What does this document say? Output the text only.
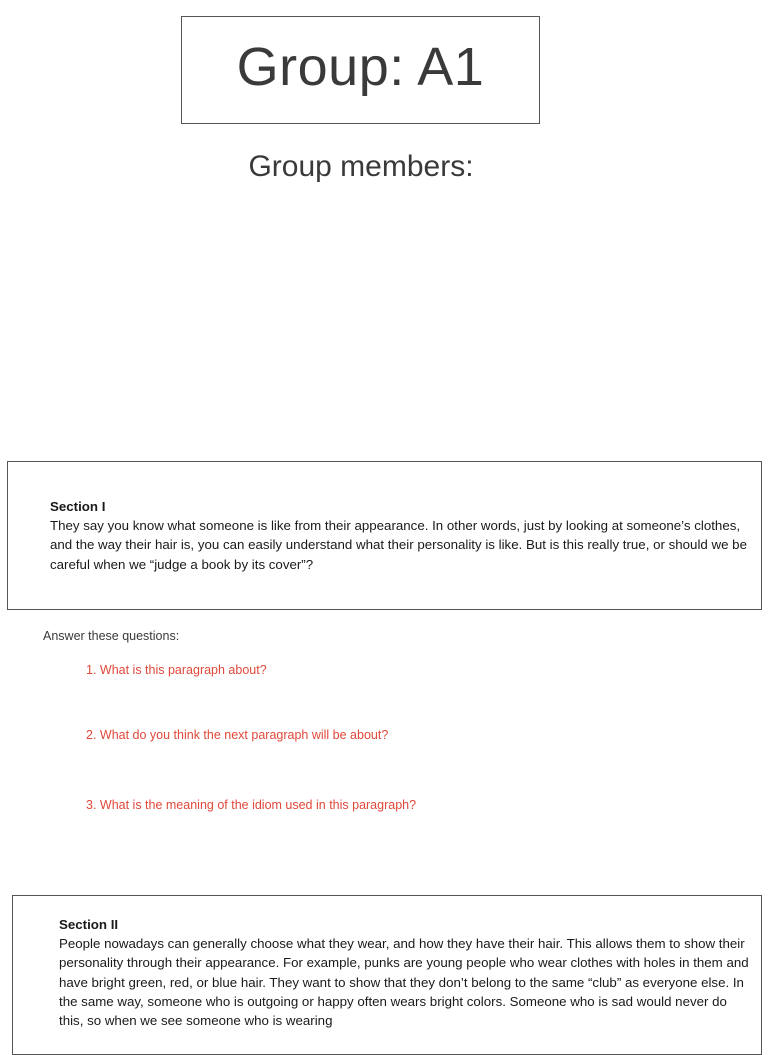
Group: A1
Group members:
Section I

They say you know what someone is like from their appearance. In other words, just by looking at someone’s clothes, and the way their hair is, you can easily understand what their personality is like. But is this really true, or should we be careful when we “judge a book by its cover”?

Answer these questions:
1. What is this paragraph about?
2. What do you think the next paragraph will be about?
3. What is the meaning of the idiom used in this paragraph?
Section II

People nowadays can generally choose what they wear, and how they have their hair. This allows them to show their personality through their appearance. For example, punks are young people who wear clothes with holes in them and have bright green, red, or blue hair. They want to show that they don’t belong to the same “club” as everyone else. In the same way, someone who is outgoing or happy often wears bright colors. Someone who is sad would never do this, so when we see someone who is wearing
